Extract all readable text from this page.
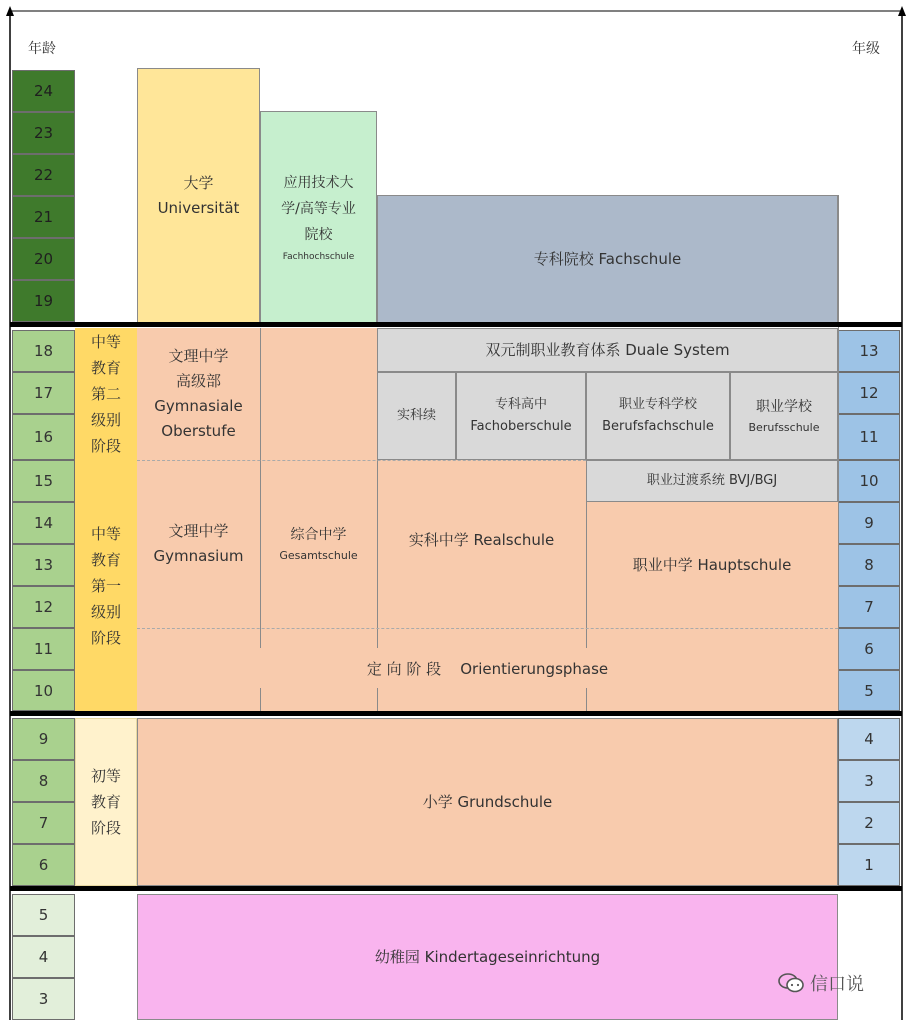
年龄	年级
24
23
22
21
20
19
18
17
16
15
14
13
12
11
10
9
8
7
6
5
4
3
13
12
11
10
9
8
7
6
5
4
3
2
1
中等
教育
第二
级别
阶段
中等
教育
第一
级别
阶段
初等
教育
阶段
大学
Universität
应用技术大
学/高等专业
院校
Fachhochschule	专科院校 Fachschule
文理中学
高级部
Gymnasiale
Oberstufe
双元制职业教育体系 Duale System
实科续
专科高中
Fachoberschule
职业专科学校
Berufsfachschule
职业学校
Berufsschule
职业过渡系统 BVJ/BGJ
文理中学
Gymnasium
综合中学
Gesamtschule
实科中学 Realschule
职业中学 Hauptschule
定 向 阶 段    Orientierungsphase
小学 Grundschule
幼稚园 Kindertageseinrichtung
信口说
